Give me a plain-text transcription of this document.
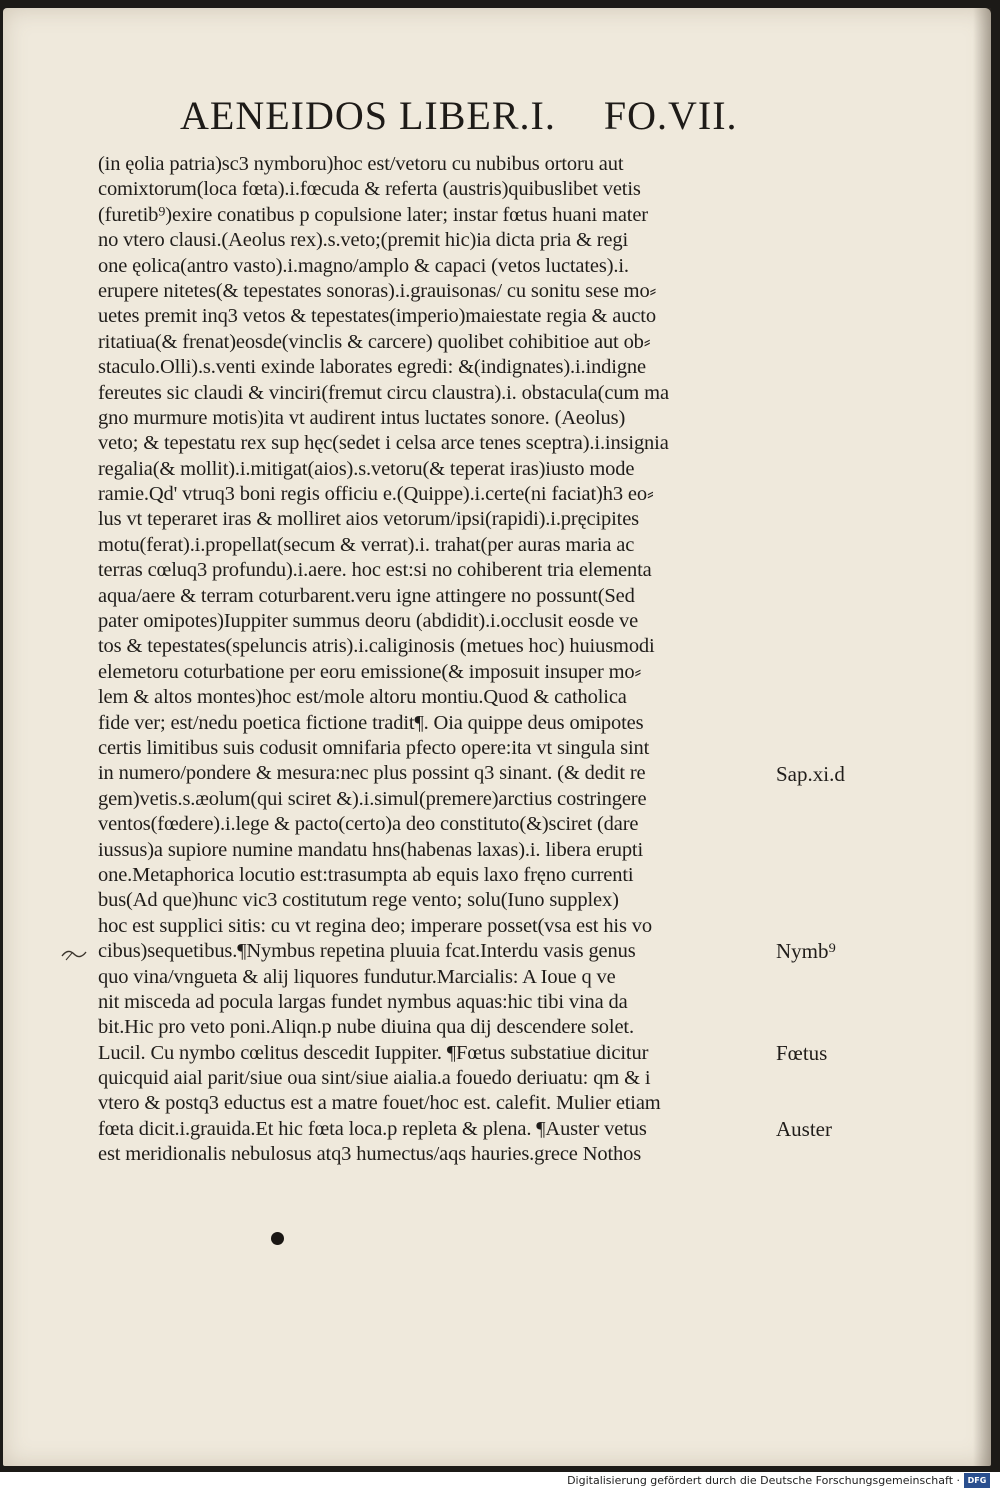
AENEIDOS LIBER.I. FO.VII.
(in ęolia patria)sc3 nymboru)hoc est/vetoru cu nubibus ortoru aut
comixtorum(loca fœta).i.fœcuda & referta (austris)quibuslibet vetis
(furetib⁹)exire conatibus p copulsione later; instar fœtus huani mater
no vtero clausi.(Aeolus rex).s.veto;(premit hic)ia dicta pria & regi
one ęolica(antro vasto).i.magno/amplo & capaci (vetos luctates).i.
erupere nitetes(& tepestates sonoras).i.grauisonas/ cu sonitu sese mo⸗
uetes premit inq3 vetos & tepestates(imperio)maiestate regia & aucto
ritatiua(& frenat)eosde(vinclis & carcere) quolibet cohibitioe aut ob⸗
staculo.Olli).s.venti exinde laborates egredi: &(indignates).i.indigne
fereutes sic claudi & vinciri(fremut circu claustra).i. obstacula(cum ma
gno murmure motis)ita vt audirent intus luctates sonore. (Aeolus)
veto; & tepestatu rex sup hęc(sedet i celsa arce tenes sceptra).i.insignia
regalia(& mollit).i.mitigat(aios).s.vetoru(& teperat iras)iusto mode
ramie.Qd' vtruq3 boni regis officiu e.(Quippe).i.certe(ni faciat)h3 eo⸗
lus vt teperaret iras & molliret aios vetorum/ipsi(rapidi).i.pręcipites
motu(ferat).i.propellat(secum & verrat).i. trahat(per auras maria ac
terras cœluq3 profundu).i.aere. hoc est:si no cohiberent tria elementa
aqua/aere & terram coturbarent.veru igne attingere no possunt(Sed
pater omipotes)Iuppiter summus deoru (abdidit).i.occlusit eosde ve
tos & tepestates(speluncis atris).i.caliginosis (metues hoc) huiusmodi
elemetoru coturbatione per eoru emissione(& imposuit insuper mo⸗
lem & altos montes)hoc est/mole altoru montiu.Quod & catholica
fide ver; est/nedu poetica fictione tradit¶. Oia quippe deus omipotes
certis limitibus suis codusit omnifaria pfecto opere:ita vt singula sint
in numero/pondere & mesura:nec plus possint q3 sinant. (& dedit re
gem)vetis.s.æolum(qui sciret &).i.simul(premere)arctius costringere
ventos(fœdere).i.lege & pacto(certo)a deo constituto(&)sciret (dare
iussus)a supiore numine mandatu hns(habenas laxas).i. libera erupti
one.Metaphorica locutio est:trasumpta ab equis laxo fręno currenti
bus(Ad que)hunc vic3 costitutum rege vento; solu(Iuno supplex)
hoc est supplici sitis: cu vt regina deo; imperare posset(vsa est his vo
cibus)sequetibus.¶Nymbus repetina pluuia fcat.Interdu vasis genus
quo vina/vngueta & alij liquores fundutur.Marcialis: A Ioue q ve
nit misceda ad pocula largas fundet nymbus aquas:hic tibi vina da
bit.Hic pro veto poni.Aliqn.p nube diuina qua dij descendere solet.
Lucil. Cu nymbo cœlitus descedit Iuppiter. ¶Fœtus substatiue dicitur
quicquid aial parit/siue oua sint/siue aialia.a fouedo deriuatu: qm & i
vtero & postq3 eductus est a matre fouet/hoc est. calefit. Mulier etiam
fœta dicit.i.grauida.Et hic fœta loca.p repleta & plena. ¶Auster vetus
est meridionalis nebulosus atq3 humectus/aqs hauries.grece Nothos
Sap.xi.d
Nymb⁹
Fœtus
Auster
Digitalisierung gefördert durch die Deutsche Forschungsgemeinschaft · DFG
